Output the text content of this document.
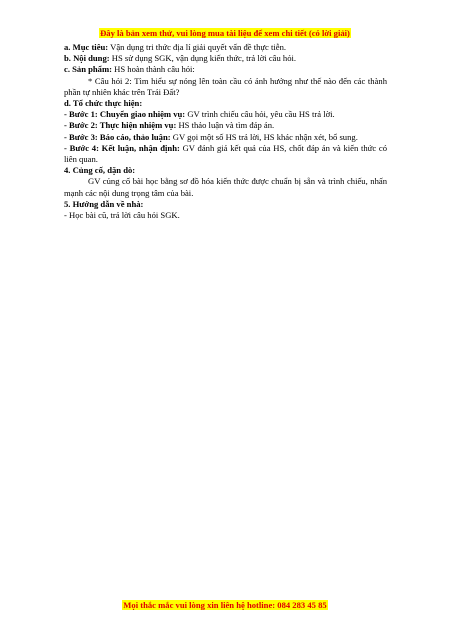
Đây là bản xem thử, vui lòng mua tài liệu để xem chi tiết (có lời giải)

a. Mục tiêu: Vận dụng tri thức địa lí giải quyết vấn đề thực tiễn.

b. Nội dung: HS sử dụng SGK, vận dụng kiến thức, trả lời câu hỏi.

c. Sản phẩm: HS hoàn thành câu hỏi:

* Câu hỏi 2: Tìm hiểu sự nóng lên toàn cầu có ảnh hưởng như thế nào đến các thành phần tự nhiên khác trên Trái Đất?

d. Tổ chức thực hiện:

- Bước 1: Chuyển giao nhiệm vụ: GV trình chiếu câu hỏi, yêu cầu HS trả lời.

- Bước 2: Thực hiện nhiệm vụ: HS thảo luận và tìm đáp án.

- Bước 3: Báo cáo, thảo luận: GV gọi một số HS trả lời, HS khác nhận xét, bổ sung.

- Bước 4: Kết luận, nhận định: GV đánh giá kết quả của HS, chốt đáp án và kiến thức có liên quan.

4. Củng cố, dặn dò:

GV củng cố bài học bằng sơ đồ hóa kiến thức được chuẩn bị sẵn và trình chiếu, nhấn mạnh các nội dung trọng tâm của bài.

5. Hướng dẫn về nhà:

- Học bài cũ, trả lời câu hỏi SGK.

Mọi thắc mắc vui lòng xin liên hệ hotline: 084 283 45 85
